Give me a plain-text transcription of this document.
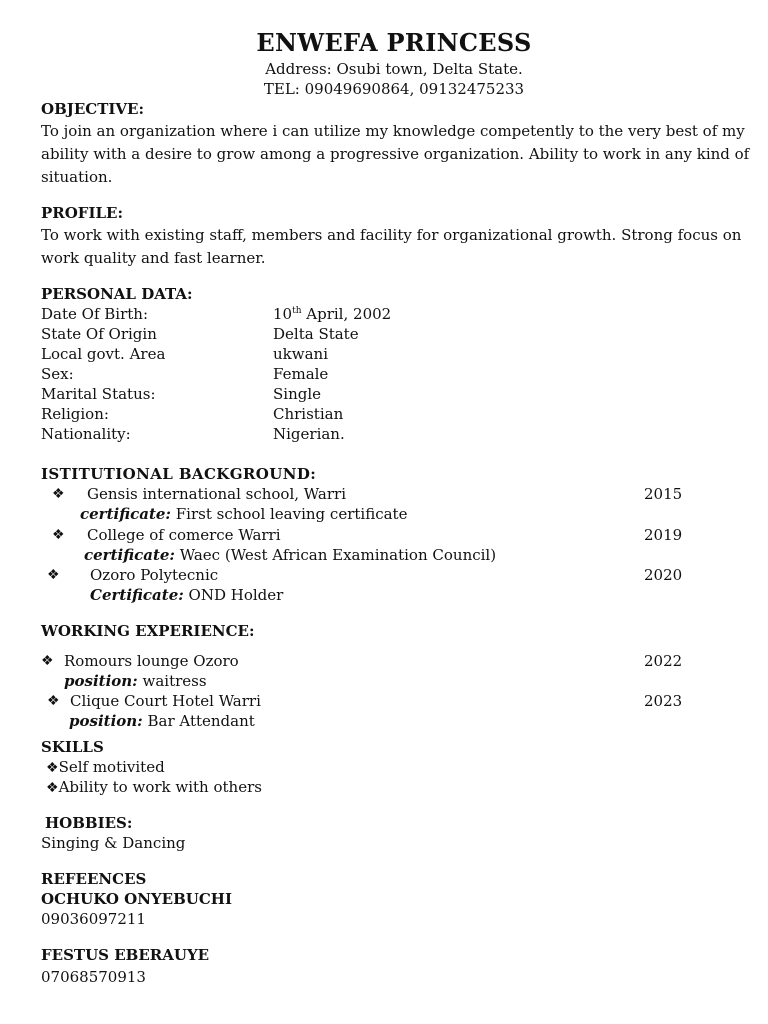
ENWEFA PRINCESS
Address: Osubi town, Delta State.
TEL: 09049690864, 09132475233
OBJECTIVE:
To join an organization where i can utilize my knowledge competently to the very best of my ability with a desire to grow among a progressive organization. Ability to work in any kind of situation.
PROFILE:
To work with existing staff, members and facility for organizational growth. Strong focus on work quality and fast learner.
PERSONAL DATA:
Date Of Birth:	10th April, 2002
State Of Origin	Delta State
Local govt. Area	ukwani
Sex:	Female
Marital Status:	Single
Religion:	Christian
Nationality:	Nigerian.
ISTITUTIONAL BACKGROUND:
❖ Gensis international school, Warri	2015
certificate: First school leaving certificate
❖ College of comerce Warri	2019
certificate: Waec (West African Examination Council)
❖ Ozoro Polytecnic	2020
Certificate: OND Holder
WORKING EXPERIENCE:
❖ Romours lounge Ozoro	2022
position: waitress
❖ Clique Court Hotel Warri	2023
position: Bar Attendant
SKILLS
❖Self motivited
❖Ability to work with others
HOBBIES:
Singing & Dancing
REFEENCES
OCHUKO ONYEBUCHI
09036097211
FESTUS EBERAUYE
07068570913
